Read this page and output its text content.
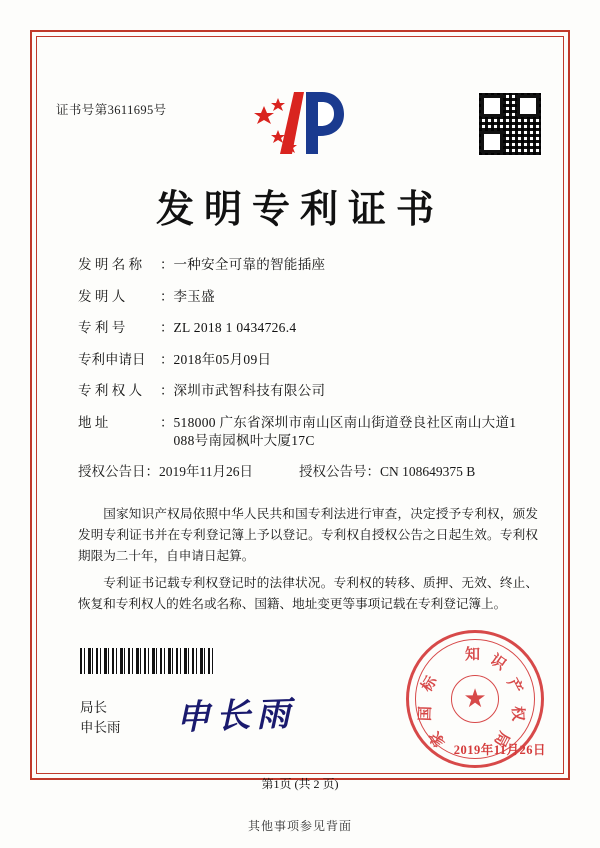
证书号第3611695号
发明专利证书
发 明 名 称	： 一种安全可靠的智能插座
发 明 人	： 李玉盛
专 利 号	： ZL 2018 1 0434726.4
专利申请日	： 2018年05月09日
专 利 权 人	： 深圳市武智科技有限公司
地 址	： 518000 广东省深圳市南山区南山街道登良社区南山大道1
088号南园枫叶大厦17C
授权公告日：2019年11月26日	授权公告号：CN 108649375 B

国家知识产权局依照中华人民共和国专利法进行审查，决定授予专利权，颁发发明专利证书并在专利登记簿上予以登记。专利权自授权公告之日起生效。专利权期限为二十年，自申请日起算。

专利证书记载专利权登记时的法律状况。专利权的转移、质押、无效、终止、恢复和专利权人的姓名或名称、国籍、地址变更等事项记载在专利登记簿上。

局长
申长雨 申长雨	★
知 识
产
权
局
家
国
标
2019年11月26日
第1页 (共 2 页)
其他事项参见背面
